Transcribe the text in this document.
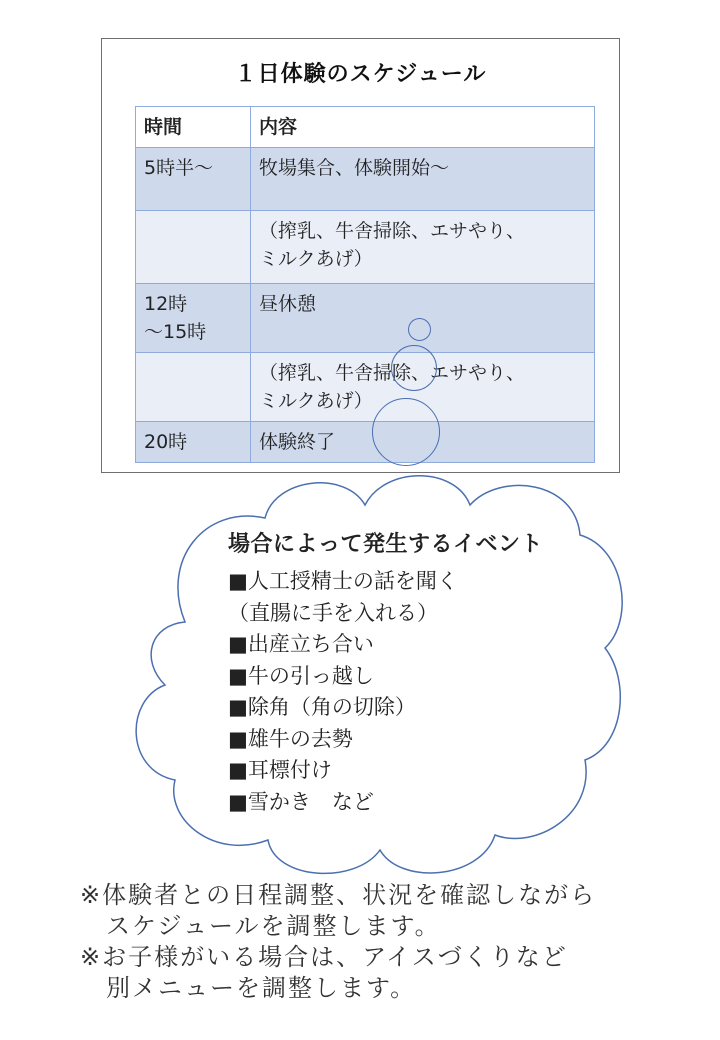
１日体験のスケジュール
時間	内容
5時半～	牧場集合、体験開始～

	（搾乳、牛舎掃除、エサやり、
ミルクあげ）

12時
～15時	昼休憩

	（搾乳、牛舎掃除、エサやり、
ミルクあげ）

20時	体験終了
場合によって発生するイベント
■人工授精士の話を聞く
（直腸に手を入れる）
■出産立ち合い
■牛の引っ越し
■除角（角の切除）
■雄牛の去勢
■耳標付け
■雪かき　など
※体験者との日程調整、状況を確認しながら
　スケジュールを調整します。
※お子様がいる場合は、アイスづくりなど
　別メニューを調整します。
